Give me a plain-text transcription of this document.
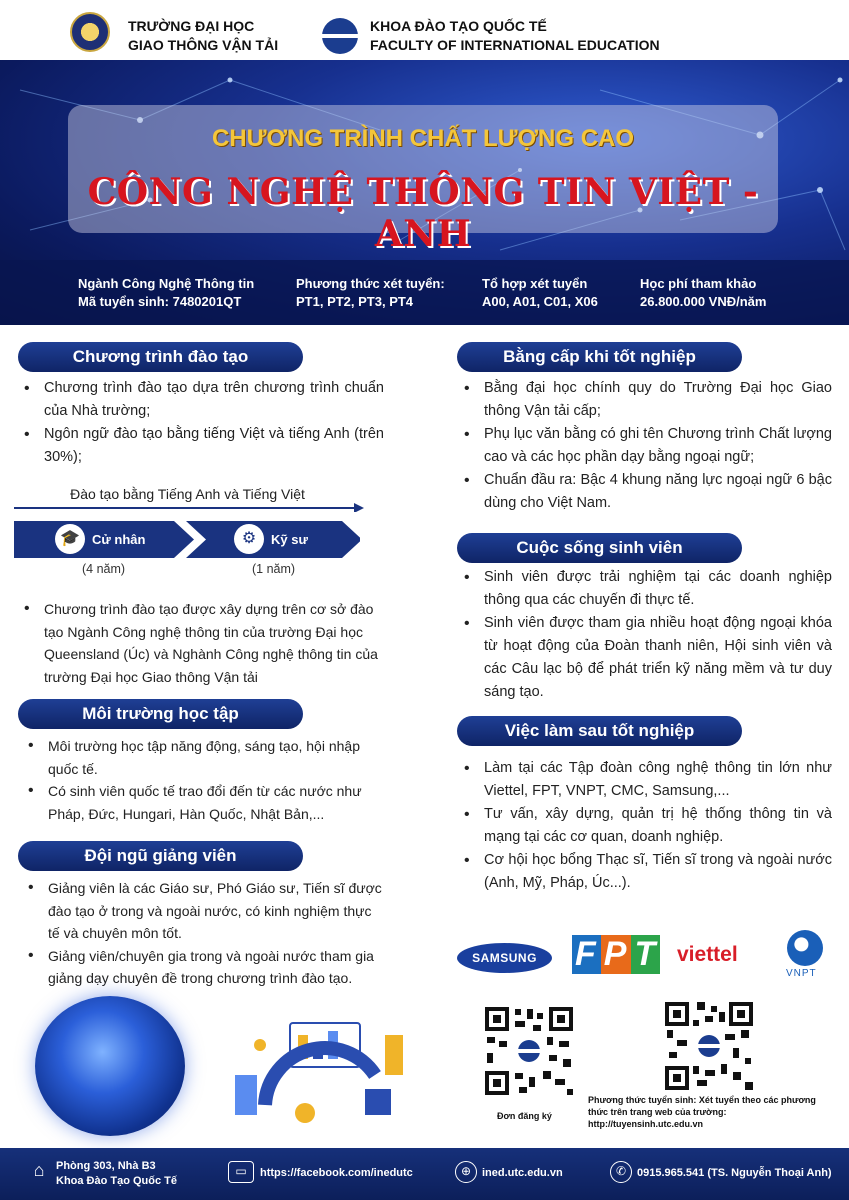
TRƯỜNG ĐẠI HỌC
GIAO THÔNG VẬN TẢI
KHOA ĐÀO TẠO QUỐC TẾ
FACULTY OF INTERNATIONAL EDUCATION
CHƯƠNG TRÌNH CHẤT LƯỢNG CAO
CÔNG NGHỆ THÔNG TIN VIỆT - ANH
Ngành Công Nghệ Thông tin
Mã tuyển sinh: 7480201QT
Phương thức xét tuyển:
PT1, PT2, PT3, PT4
Tổ hợp xét tuyển
A00, A01, C01, X06
Học phí tham khảo
26.800.000 VNĐ/năm
Chương trình đào tạo
• Chương trình đào tạo dựa trên chương trình chuẩn của Nhà trường;
• Ngôn ngữ đào tạo bằng tiếng Việt và tiếng Anh (trên 30%);
Đào tạo bằng Tiếng Anh và Tiếng Việt
🎓 Cử nhân	⚙	Kỹ sư
(4 năm)	(1 năm)
• Chương trình đào tạo được xây dựng trên cơ sở đào tạo Ngành Công nghệ thông tin của trường Đại học Queensland (Úc) và Nghành Công nghệ thông tin của trường Đại học Giao thông Vận tải
Môi trường học tập
• Môi trường học tập năng động, sáng tạo, hội nhập quốc tế.
• Có sinh viên quốc tế trao đổi đến từ các nước như Pháp, Đức, Hungari, Hàn Quốc, Nhật Bản,...
Đội ngũ giảng viên
• Giảng viên là các Giáo sư, Phó Giáo sư, Tiến sĩ được đào tạo ở trong và ngoài nước, có kinh nghiệm thực tế và chuyên môn tốt.
• Giảng viên/chuyên gia trong và ngoài nước tham gia giảng dạy chuyên đề trong chương trình đào tạo.
Bằng cấp khi tốt nghiệp
• Bằng đại học chính quy do Trường Đại học Giao thông Vận tải cấp;
• Phụ lục văn bằng có ghi tên Chương trình Chất lượng cao và các học phần dạy bằng ngoại ngữ;
• Chuẩn đầu ra: Bậc 4 khung năng lực ngoại ngữ 6 bậc dùng cho Việt Nam.
Cuộc sống sinh viên
• Sinh viên được trải nghiệm tại các doanh nghiệp thông qua các chuyến đi thực tế.
• Sinh viên được tham gia nhiều hoạt động ngoại khóa từ hoạt động của Đoàn thanh niên, Hội sinh viên và các Câu lạc bộ để phát triển kỹ năng mềm và tư duy sáng tạo.
Việc làm sau tốt nghiệp
• Làm tại các Tập đoàn công nghệ thông tin lớn như Viettel, FPT, VNPT, CMC, Samsung,...
• Tư vấn, xây dựng, quản trị hệ thống thông tin và mạng tại các cơ quan, doanh nghiệp.
• Cơ hội học bổng Thạc sĩ, Tiến sĩ trong và ngoài nước (Anh, Mỹ, Pháp, Úc...).
SAMSUNG	F P T viettel
VNPT
Đơn đăng ký
Phương thức tuyển sinh: Xét tuyển theo các phương thức trên trang web của trường: http://tuyensinh.utc.edu.vn
⌂	Phòng 303, Nhà B3
Khoa Đào Tạo Quốc Tế
▭	https://facebook.com/inedutc	⊕ ined.utc.edu.vn	✆ 0915.965.541 (TS. Nguyễn Thoại Anh)
